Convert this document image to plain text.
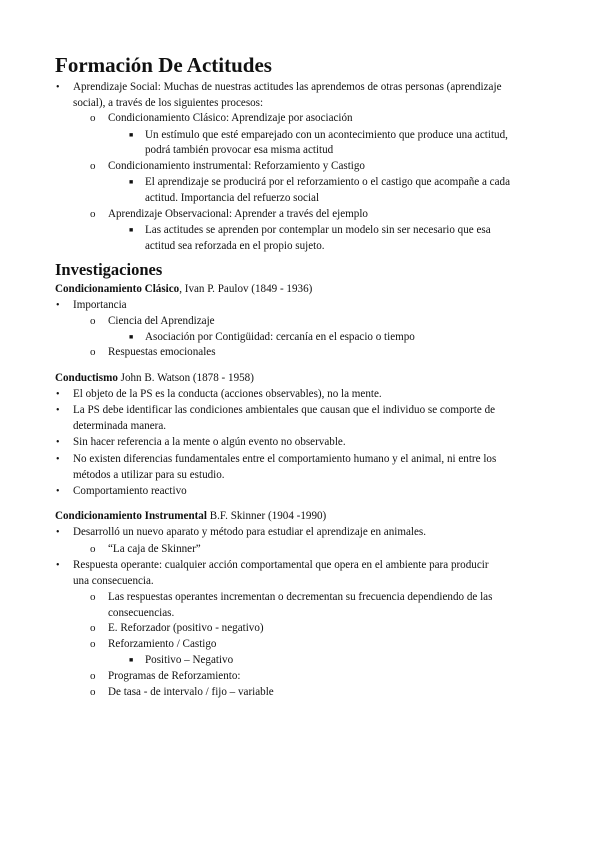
Formación De Actitudes
• Aprendizaje Social: Muchas de nuestras actitudes las aprendemos de otras personas (aprendizaje
social), a través de los siguientes procesos:
o Condicionamiento Clásico: Aprendizaje por asociación
■ Un estímulo que esté emparejado con un acontecimiento que produce una actitud,
podrá también provocar esa misma actitud
o Condicionamiento instrumental: Reforzamiento y Castigo
■ El aprendizaje se producirá por el reforzamiento o el castigo que acompañe a cada
actitud. Importancia del refuerzo social
o Aprendizaje Observacional: Aprender a través del ejemplo
■ Las actitudes se aprenden por contemplar un modelo sin ser necesario que esa
actitud sea reforzada en el propio sujeto.
Investigaciones
Condicionamiento Clásico, Ivan P. Paulov (1849 - 1936)
• Importancia
o Ciencia del Aprendizaje
■ Asociación por Contigüidad: cercanía en el espacio o tiempo
o Respuestas emocionales
Conductismo John B. Watson (1878 - 1958)
• El objeto de la PS es la conducta (acciones observables), no la mente.
• La PS debe identificar las condiciones ambientales que causan que el individuo se comporte de
determinada manera.
• Sin hacer referencia a la mente o algún evento no observable.
• No existen diferencias fundamentales entre el comportamiento humano y el animal, ni entre los
métodos a utilizar para su estudio.
• Comportamiento reactivo
Condicionamiento Instrumental B.F. Skinner (1904 -1990)
• Desarrolló un nuevo aparato y método para estudiar el aprendizaje en animales.
o “La caja de Skinner”
• Respuesta operante: cualquier acción comportamental que opera en el ambiente para producir
una consecuencia.
o Las respuestas operantes incrementan o decrementan su frecuencia dependiendo de las
consecuencias.
o E. Reforzador (positivo - negativo)
o Reforzamiento / Castigo
■ Positivo – Negativo
o Programas de Reforzamiento:
o De tasa - de intervalo / fijo – variable
